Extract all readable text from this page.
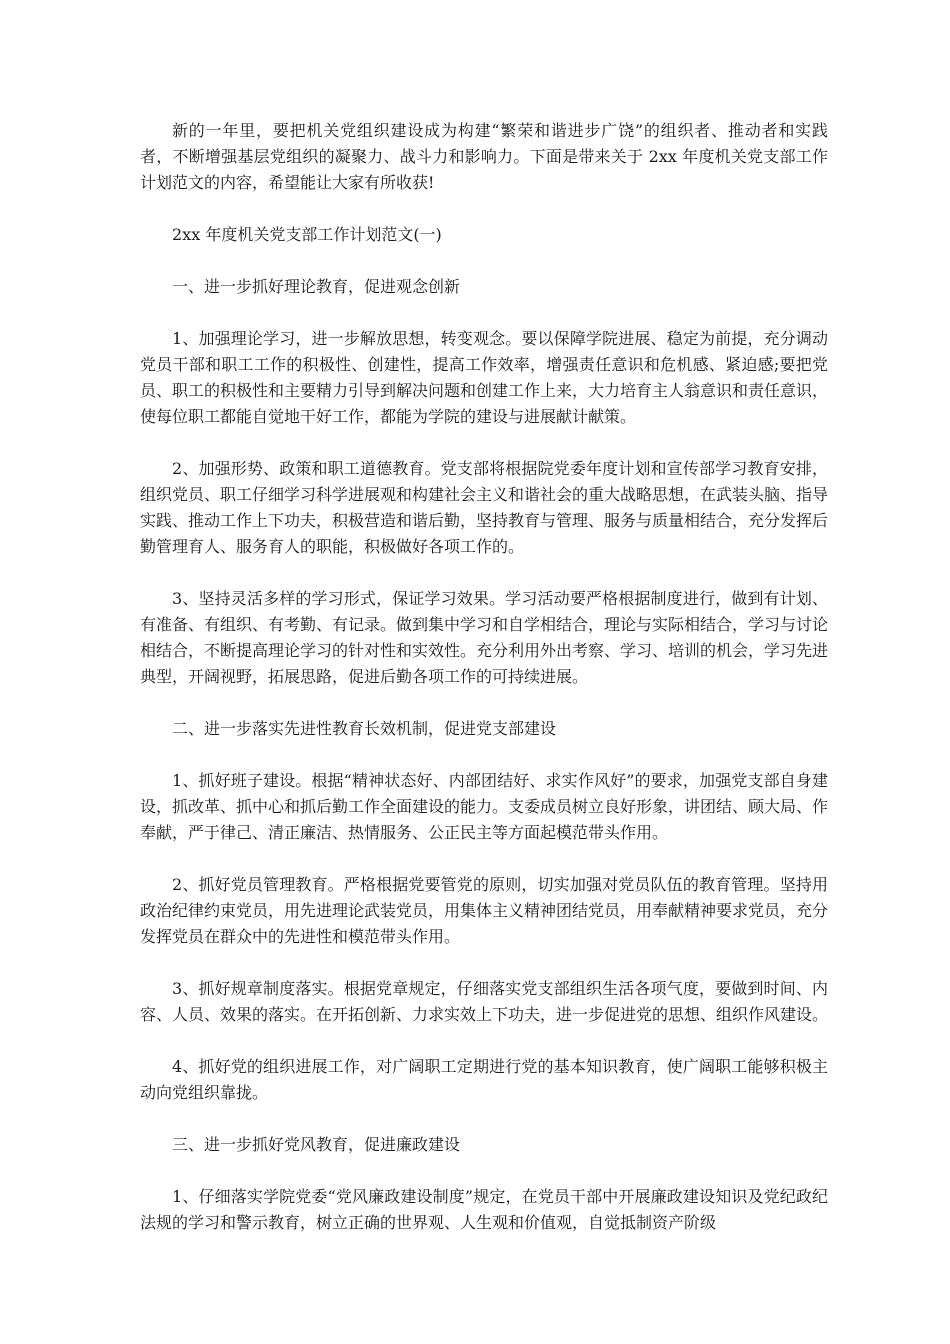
新的一年里，要把机关党组织建设成为构建“繁荣和谐进步广饶”的组织者、推动者和实践者，不断增强基层党组织的凝聚力、战斗力和影响力。下面是带来关于 2xx 年度机关党支部工作计划范文的内容，希望能让大家有所收获!

2xx 年度机关党支部工作计划范文(一)

一、进一步抓好理论教育，促进观念创新

1、加强理论学习，进一步解放思想，转变观念。要以保障学院进展、稳定为前提，充分调动党员干部和职工工作的积极性、创建性，提高工作效率，增强责任意识和危机感、紧迫感;要把党员、职工的积极性和主要精力引导到解决问题和创建工作上来，大力培育主人翁意识和责任意识，使每位职工都能自觉地干好工作，都能为学院的建设与进展献计献策。

2、加强形势、政策和职工道德教育。党支部将根据院党委年度计划和宣传部学习教育安排，组织党员、职工仔细学习科学进展观和构建社会主义和谐社会的重大战略思想，在武装头脑、指导实践、推动工作上下功夫，积极营造和谐后勤，坚持教育与管理、服务与质量相结合，充分发挥后勤管理育人、服务育人的职能，积极做好各项工作的。

3、坚持灵活多样的学习形式，保证学习效果。学习活动要严格根据制度进行，做到有计划、有准备、有组织、有考勤、有记录。做到集中学习和自学相结合，理论与实际相结合，学习与讨论相结合，不断提高理论学习的针对性和实效性。充分利用外出考察、学习、培训的机会，学习先进典型，开阔视野，拓展思路，促进后勤各项工作的可持续进展。

二、进一步落实先进性教育长效机制，促进党支部建设

1、抓好班子建设。根据“精神状态好、内部团结好、求实作风好”的要求，加强党支部自身建设，抓改革、抓中心和抓后勤工作全面建设的能力。支委成员树立良好形象，讲团结、顾大局、作奉献，严于律己、清正廉洁、热情服务、公正民主等方面起模范带头作用。

2、抓好党员管理教育。严格根据党要管党的原则，切实加强对党员队伍的教育管理。坚持用政治纪律约束党员，用先进理论武装党员，用集体主义精神团结党员，用奉献精神要求党员，充分发挥党员在群众中的先进性和模范带头作用。

3、抓好规章制度落实。根据党章规定，仔细落实党支部组织生活各项气度，要做到时间、内容、人员、效果的落实。在开拓创新、力求实效上下功夫，进一步促进党的思想、组织作风建设。

4、抓好党的组织进展工作，对广阔职工定期进行党的基本知识教育，使广阔职工能够积极主动向党组织靠拢。

三、进一步抓好党风教育，促进廉政建设

1、仔细落实学院党委“党风廉政建设制度”规定，在党员干部中开展廉政建设知识及党纪政纪法规的学习和警示教育，树立正确的世界观、人生观和价值观，自觉抵制资产阶级
